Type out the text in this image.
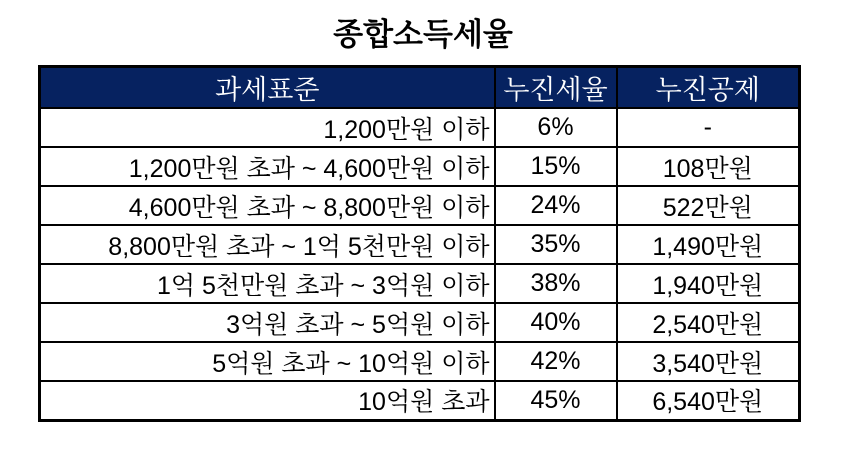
종합소득세율
과세표준	누진세율	누진공제
1,200만원 이하	6%	-
1,200만원 초과 ~ 4,600만원 이하	15%	108만원
4,600만원 초과 ~ 8,800만원 이하	24%	522만원
8,800만원 초과 ~ 1억 5천만원 이하	35%	1,490만원
1억 5천만원 초과 ~ 3억원 이하	38%	1,940만원
3억원 초과 ~ 5억원 이하	40%	2,540만원
5억원 초과 ~ 10억원 이하	42%	3,540만원
10억원 초과	45%	6,540만원
